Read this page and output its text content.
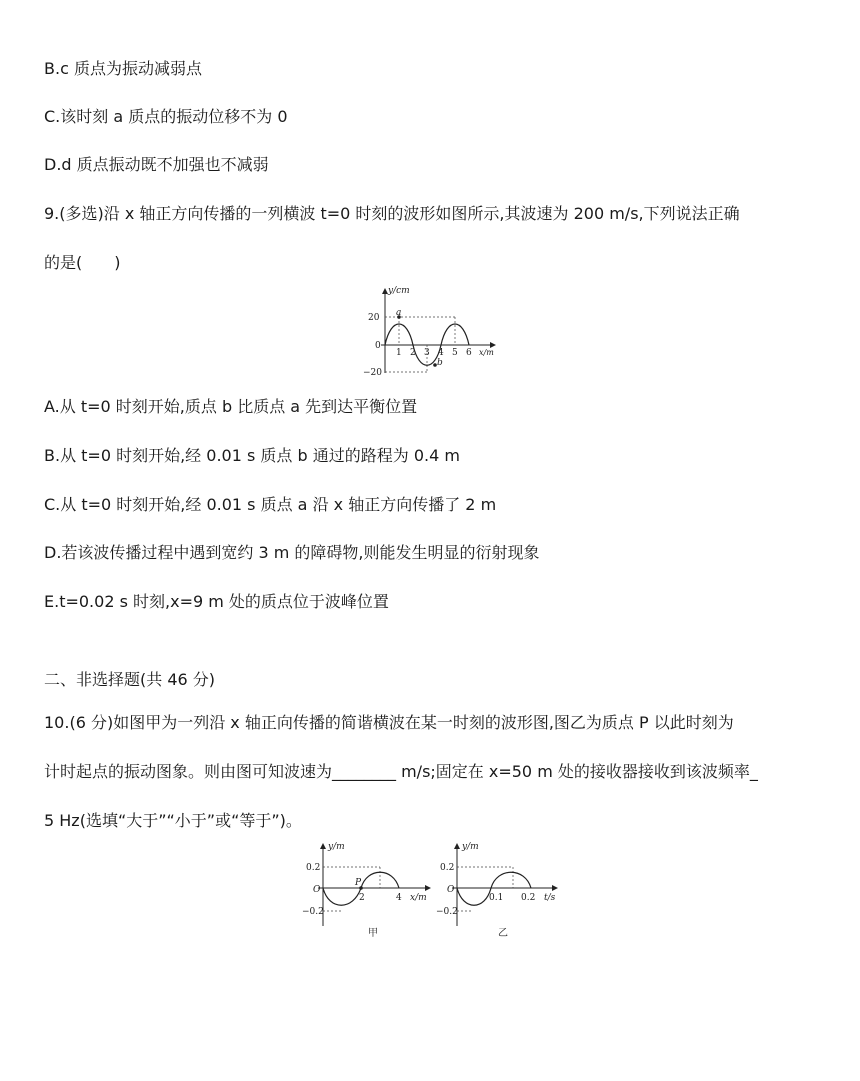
B.c 质点为振动减弱点
C.该时刻 a 质点的振动位移不为 0
D.d 质点振动既不加强也不减弱
9.(多选)沿 x 轴正方向传播的一列横波 t=0 时刻的波形如图所示,其波速为 200 m/s,下列说法正确
的是(　　)
y/cm
x/m
20
0
−20
1 2 3 4 5 6
a
b
A.从 t=0 时刻开始,质点 b 比质点 a 先到达平衡位置
B.从 t=0 时刻开始,经 0.01 s 质点 b 通过的路程为 0.4 m
C.从 t=0 时刻开始,经 0.01 s 质点 a 沿 x 轴正方向传播了 2 m
D.若该波传播过程中遇到宽约 3 m 的障碍物,则能发生明显的衍射现象
E.t=0.02 s 时刻,x=9 m 处的质点位于波峰位置
二、非选择题(共 46 分)
10.(6 分)如图甲为一列沿 x 轴正向传播的简谐横波在某一时刻的波形图,图乙为质点 P 以此时刻为
计时起点的振动图象。则由图可知波速为________ m/s;固定在 x=50 m 处的接收器接收到该波频率_
5 Hz(选填“大于”“小于”或“等于”)。
y/m
x/m
0.2
−0.2
O
2	4
P
甲
y/m
t/s
0.2
−0.2
O
0.1 0.2
乙
